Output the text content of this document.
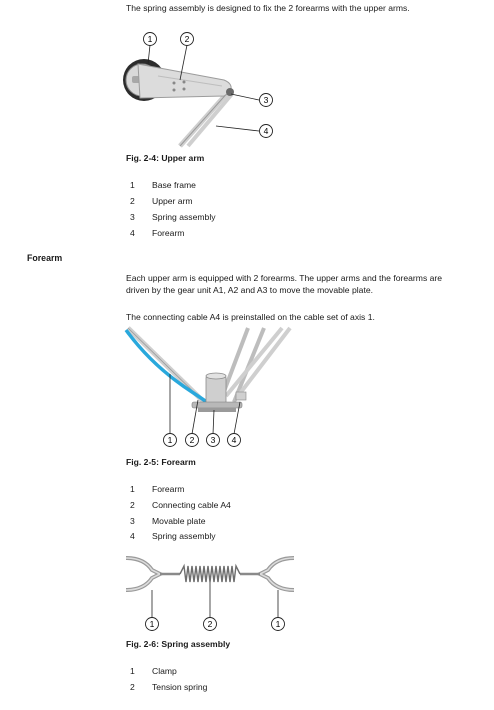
The spring assembly is designed to fix the 2 forearms with the upper arms.
1	2
3
4
Fig. 2-4: Upper arm
1	Base frame
2	Upper arm
3	Spring assembly
4	Forearm
Forearm
Each upper arm is equipped with 2 forearms. The upper arms and the forearms are driven by the gear unit A1, A2 and A3 to move the movable plate.
The connecting cable A4 is preinstalled on the cable set of axis 1.
1 2 3 4
Fig. 2-5: Forearm
1	Forearm
2	Connecting cable A4
3	Movable plate
4	Spring assembly
1	2	1
Fig. 2-6: Spring assembly
1	Clamp
2	Tension spring
